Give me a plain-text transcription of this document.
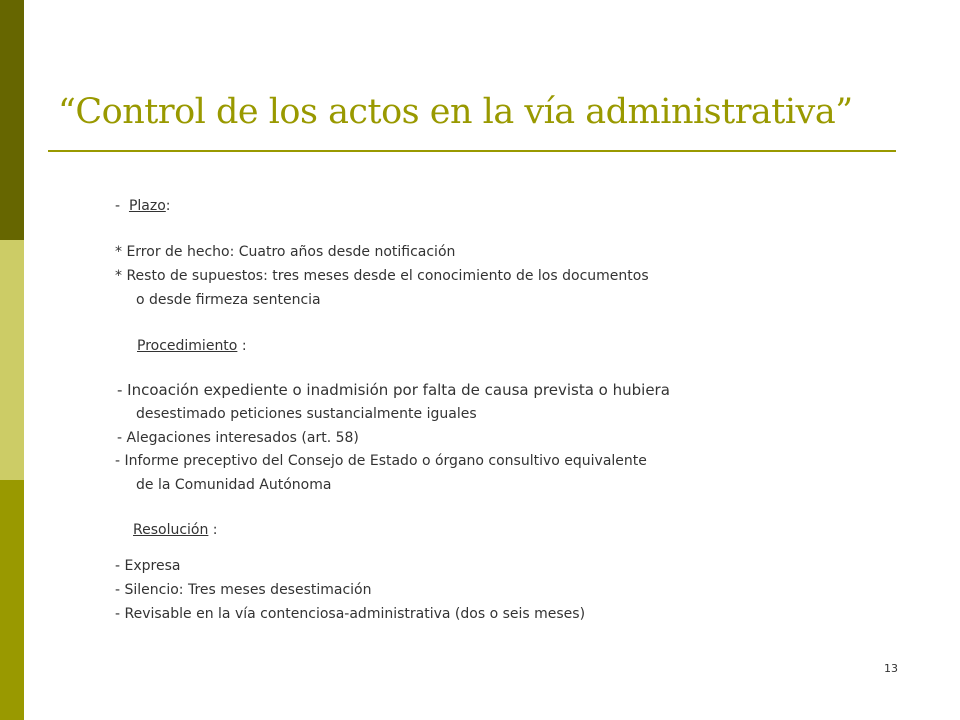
“Control de los actos en la vía administrativa”
- Plazo:
* Error de hecho: Cuatro años desde notificación
* Resto de supuestos: tres meses desde el conocimiento de los documentos
o desde firmeza sentencia
Procedimiento :
- Incoación expediente o inadmisión por falta de causa prevista o hubiera
desestimado peticiones sustancialmente iguales
- Alegaciones interesados (art. 58)
- Informe preceptivo del Consejo de Estado o órgano consultivo equivalente
de la Comunidad Autónoma
Resolución :
- Expresa
- Silencio: Tres meses desestimación
- Revisable en la vía contenciosa-administrativa (dos o seis meses)
13
